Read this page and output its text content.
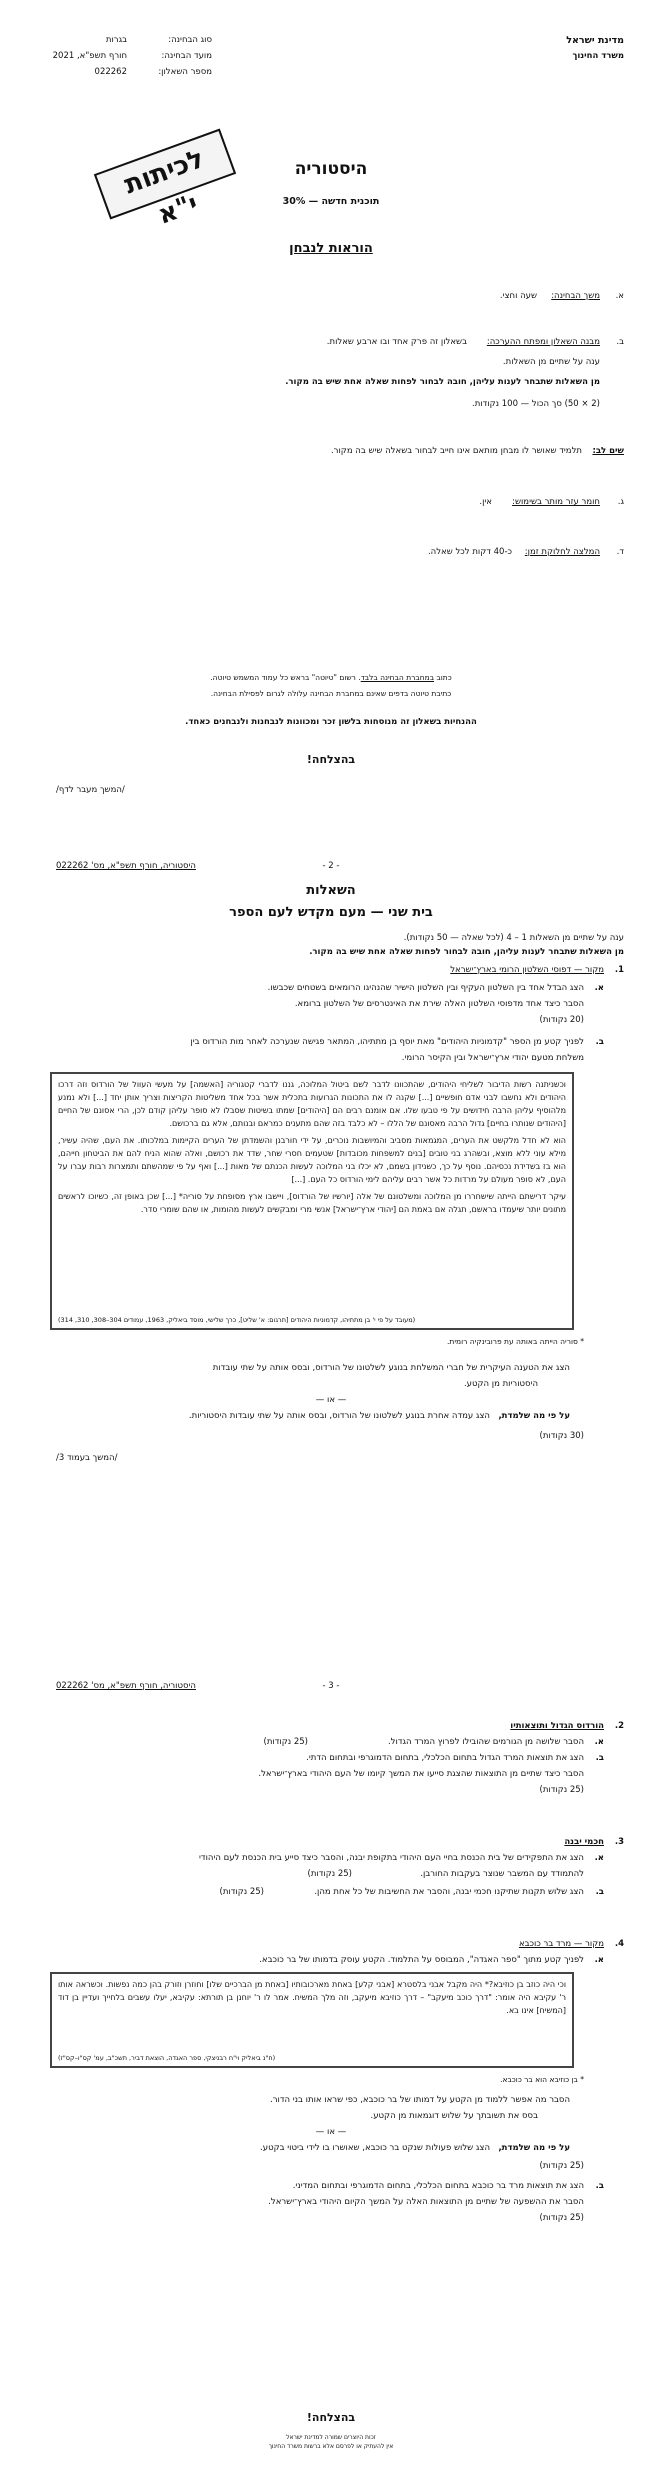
מדינת ישראל
משרד החינוך
סוג הבחינה:
בגרות
מועד הבחינה:
חורף תשפ"א, 2021
מספר השאלון:
022262
לכיתות י"א
היסטוריה
תוכנית חדשה — 30%
הוראות לנבחן
א.
משך הבחינה:
שעה וחצי.
ב.
מבנה השאלון ומפתח ההערכה:
בשאלון זה פרק אחד ובו ארבע שאלות.
ענה על שתיים מן השאלות.
מן השאלות שתבחר לענות עליהן, חובה לבחור לפחות שאלה אחת שיש בה מקור.
(2 × 50) סך הכול — 100 נקודות.
שים לב:
תלמיד שאושר לו מבחן מותאם אינו חייב לבחור בשאלה שיש בה מקור.
ג.
חומר עזר מותר בשימוש:
אין.
ד.
המלצה לחלוקת זמן:
כ-40 דקות לכל שאלה.
כתוב במחברת הבחינה בלבד. רשום "טיוטה" בראש כל עמוד המשמש טיוטה.
כתיבת טיוטה בדפים שאינם במחברת הבחינה עלולה לגרום לפסילת הבחינה.
ההנחיות בשאלון זה מנוסחות בלשון זכר ומכוונות לנבחנות ולנבחנים כאחד.
בהצלחה!
/המשך מעבר לדף/
היסטוריה, חורף תשפ"א, מס' 022262	- 2 -
השאלות
בית שני — מעם מקדש לעם הספר
ענה על שתיים מן השאלות 1 – 4 (לכל שאלה — 50 נקודות).
מן השאלות שתבחר לענות עליהן, חובה לבחור לפחות שאלה אחת שיש בה מקור.
1.
מקור — דפוסי השלטון הרומי בארץ־ישראל
א.
הצג הבדל אחד בין השלטון העקיף ובין השלטון הישיר שהנהיגו הרומאים בשטחים שכבשו.
הסבר כיצד אחד מדפוסי השלטון האלה שירת את האינטרסים של השלטון ברומא.
(20 נקודות)
ב.
לפניך קטע מן הספר "קדמוניות היהודים" מאת יוסף בן מתתיהו, המתאר פגישה שנערכה לאחר מות הורדוס בין
משלחת מטעם יהודי ארץ־ישראל ובין הקיסר הרומי.

וכשניתנה רשות הדיבור לשליחי היהודים, שהתכוונו לדבר לשם ביטול המלוכה, גננו לדברי קטגוריה [האשמה] על מעשי העוול של הורדוס וזה דרכו היהודים ולא נחשבו לבני אדם חופשיים [...] שקנה לו את התכונות הגרועות בתכלית אשר בכל אחד משליטות הקריצות וצריך אותן יחד [...] ולא נמנע מלהוסיף עליהן הרבה חידושים על פי טבעו שלו. אם אומנם רבים הם [היהודים] שמתו בשיטות שסבלו לא סופר עליהן קודם לכן, הרי אסונם של החיים [היהודים שנותרו בחיים] גדול הרבה מאסונם של הללו – לא כלבד בזה שהם מתענים כמראם ובנותם, אלא גם ברכושם.

הוא לא חדל מלקשט את הערים, המגמאות מסביב והמיושבות נוכרים, על ידי חורבנן והשמדתן של הערים הקיימות במלכותו. את העם, שהיה עשיר, מילא עוני ללא מוצא, ובשהרג בני טובים [בנים למשפחות מכובדות] שטעמים חסרי שחר, שדד את רכושם, ואלה שהוא הניח להם את הביטחון חייהם, הוא בז בשדידת נכסיהם. נוסף על כך, כשנידון בשמם, לא יכלו בני המלוכה לעשות הכנתם של מאות [...] ואף על פי שמהשתם ותמצרות רבות עברו על העם, לא סופר מעולם על מרדות כל אשר רבים עליהם לימי הורדוס כל העם. [...]

עיקר דרישתם הייתה שישחררו מן המלוכה ומשלטונם של אלה [יורשיו של הורדוס], ויישבו ארץ מסופחת על סוריה* [...] שכן באופן זה, כשיוכו לראשים מתונים יותר שיעמדו בראשם, תגלה אם באמת הם [יהודי ארץ־ישראל] אנשי מרי ומבקשים לעשות מהומות, או שהם שומרי סדר.

(מעובד על פי י' בן מתתיהו, קדמוניות היהודים [תרגום: א' שליט], כרך שלישי, מוסד ביאליק, 1963, עמודים 304–308, 310, 314)
* סוריה הייתה באותה עת פרובינקיה רומית.
הצג את הטענה העיקרית של חברי המשלחת בנוגע לשלטונו של הורדוס, ובסס אותה על שתי עובדות
היסטוריות מן הקטע.
— או —
על פי מה שלמדת,
הצג עמדה אחרת בנוגע לשלטונו של הורדוס, ובסס אותה על שתי עובדות היסטוריות.
(30 נקודות)
/המשך בעמוד 3/
היסטוריה, חורף תשפ"א, מס' 022262	- 3 -
2.
הורדוס הגדול ותוצאותיו
א.
הסבר שלושה מן הגורמים שהובילו לפרוץ המרד הגדול.
(25 נקודות)
ב.
הצג את תוצאות המרד הגדול בתחום הכלכלי, בתחום הדמוגרפי ובתחום הדתי.
הסבר כיצד שתיים מן התוצאות שהצגת סייעו את המשך קיומו של העם היהודי בארץ־ישראל.
(25 נקודות)
3.
חכמי יבנה
א.
הצג את התפקידים של בית הכנסת בחיי העם היהודי בתקופת יבנה, והסבר כיצד סייע בית הכנסת לעם היהודי
להתמודד עם המשבר שנוצר בעקבות החורבן.
(25 נקודות)
ב.
הצג שלוש תקנות שתיקנו חכמי יבנה, והסבר את החשיבות של כל אחת מהן.
(25 נקודות)
4.
מקור — מרד בר כוכבא
א.
לפניך קטע מתוך "ספר האגדה", המבוסס על התלמוד. הקטע עוסק בדמותו של בר כוכבא.

וכי היה כוזב בן כוזיבא?* היה מקבל אבני בלסטרא [אבני קלע] באחת מארכובותיו [באחת מן הברכיים שלו] וחוזרן וזורק בהן כמה נפשות. וכשראה אותו ר' עקיבא היה אומר: "דרך כוכב מיעקב" – דרך כוזיבא מיעקב, וזה מלך המשיח. אמר לו ר' יוחנן בן תורתא: עקיבא, יעלו עשבים בלחייך ועדיין בן דוד [המשיח] אינו בא.

(ח"נ ביאליק וי"ח רבניצקי, ספר האגדה, הוצאת דביר, תשכ"ב, עמ' קס"ו–קס"ז)
* בן כוזיבא הוא בר כוכבא.
הסבר מה אפשר ללמוד מן הקטע על דמותו של בר כוכבא, כפי שראו אותו בני הדור.
בסס את תשובתך על שלוש דוגמאות מן הקטע.
— או —
על פי מה שלמדת,
הצג שלוש פעולות שנקט בר כוכבא, שאושרו בו לידי ביטוי בקטע.
(25 נקודות)
ב.
הצג את תוצאות מרד בר כוכבא בתחום הכלכלי, בתחום הדמוגרפי ובתחום המדיני.
הסבר את ההשפעה של שתיים מן התוצאות האלה על המשך הקיום היהודי בארץ־ישראל.
(25 נקודות)
בהצלחה!
זכות היוצרים שמורה למדינת ישראל
אין להעתיק או לפרסם אלא ברשות משרד החינוך
